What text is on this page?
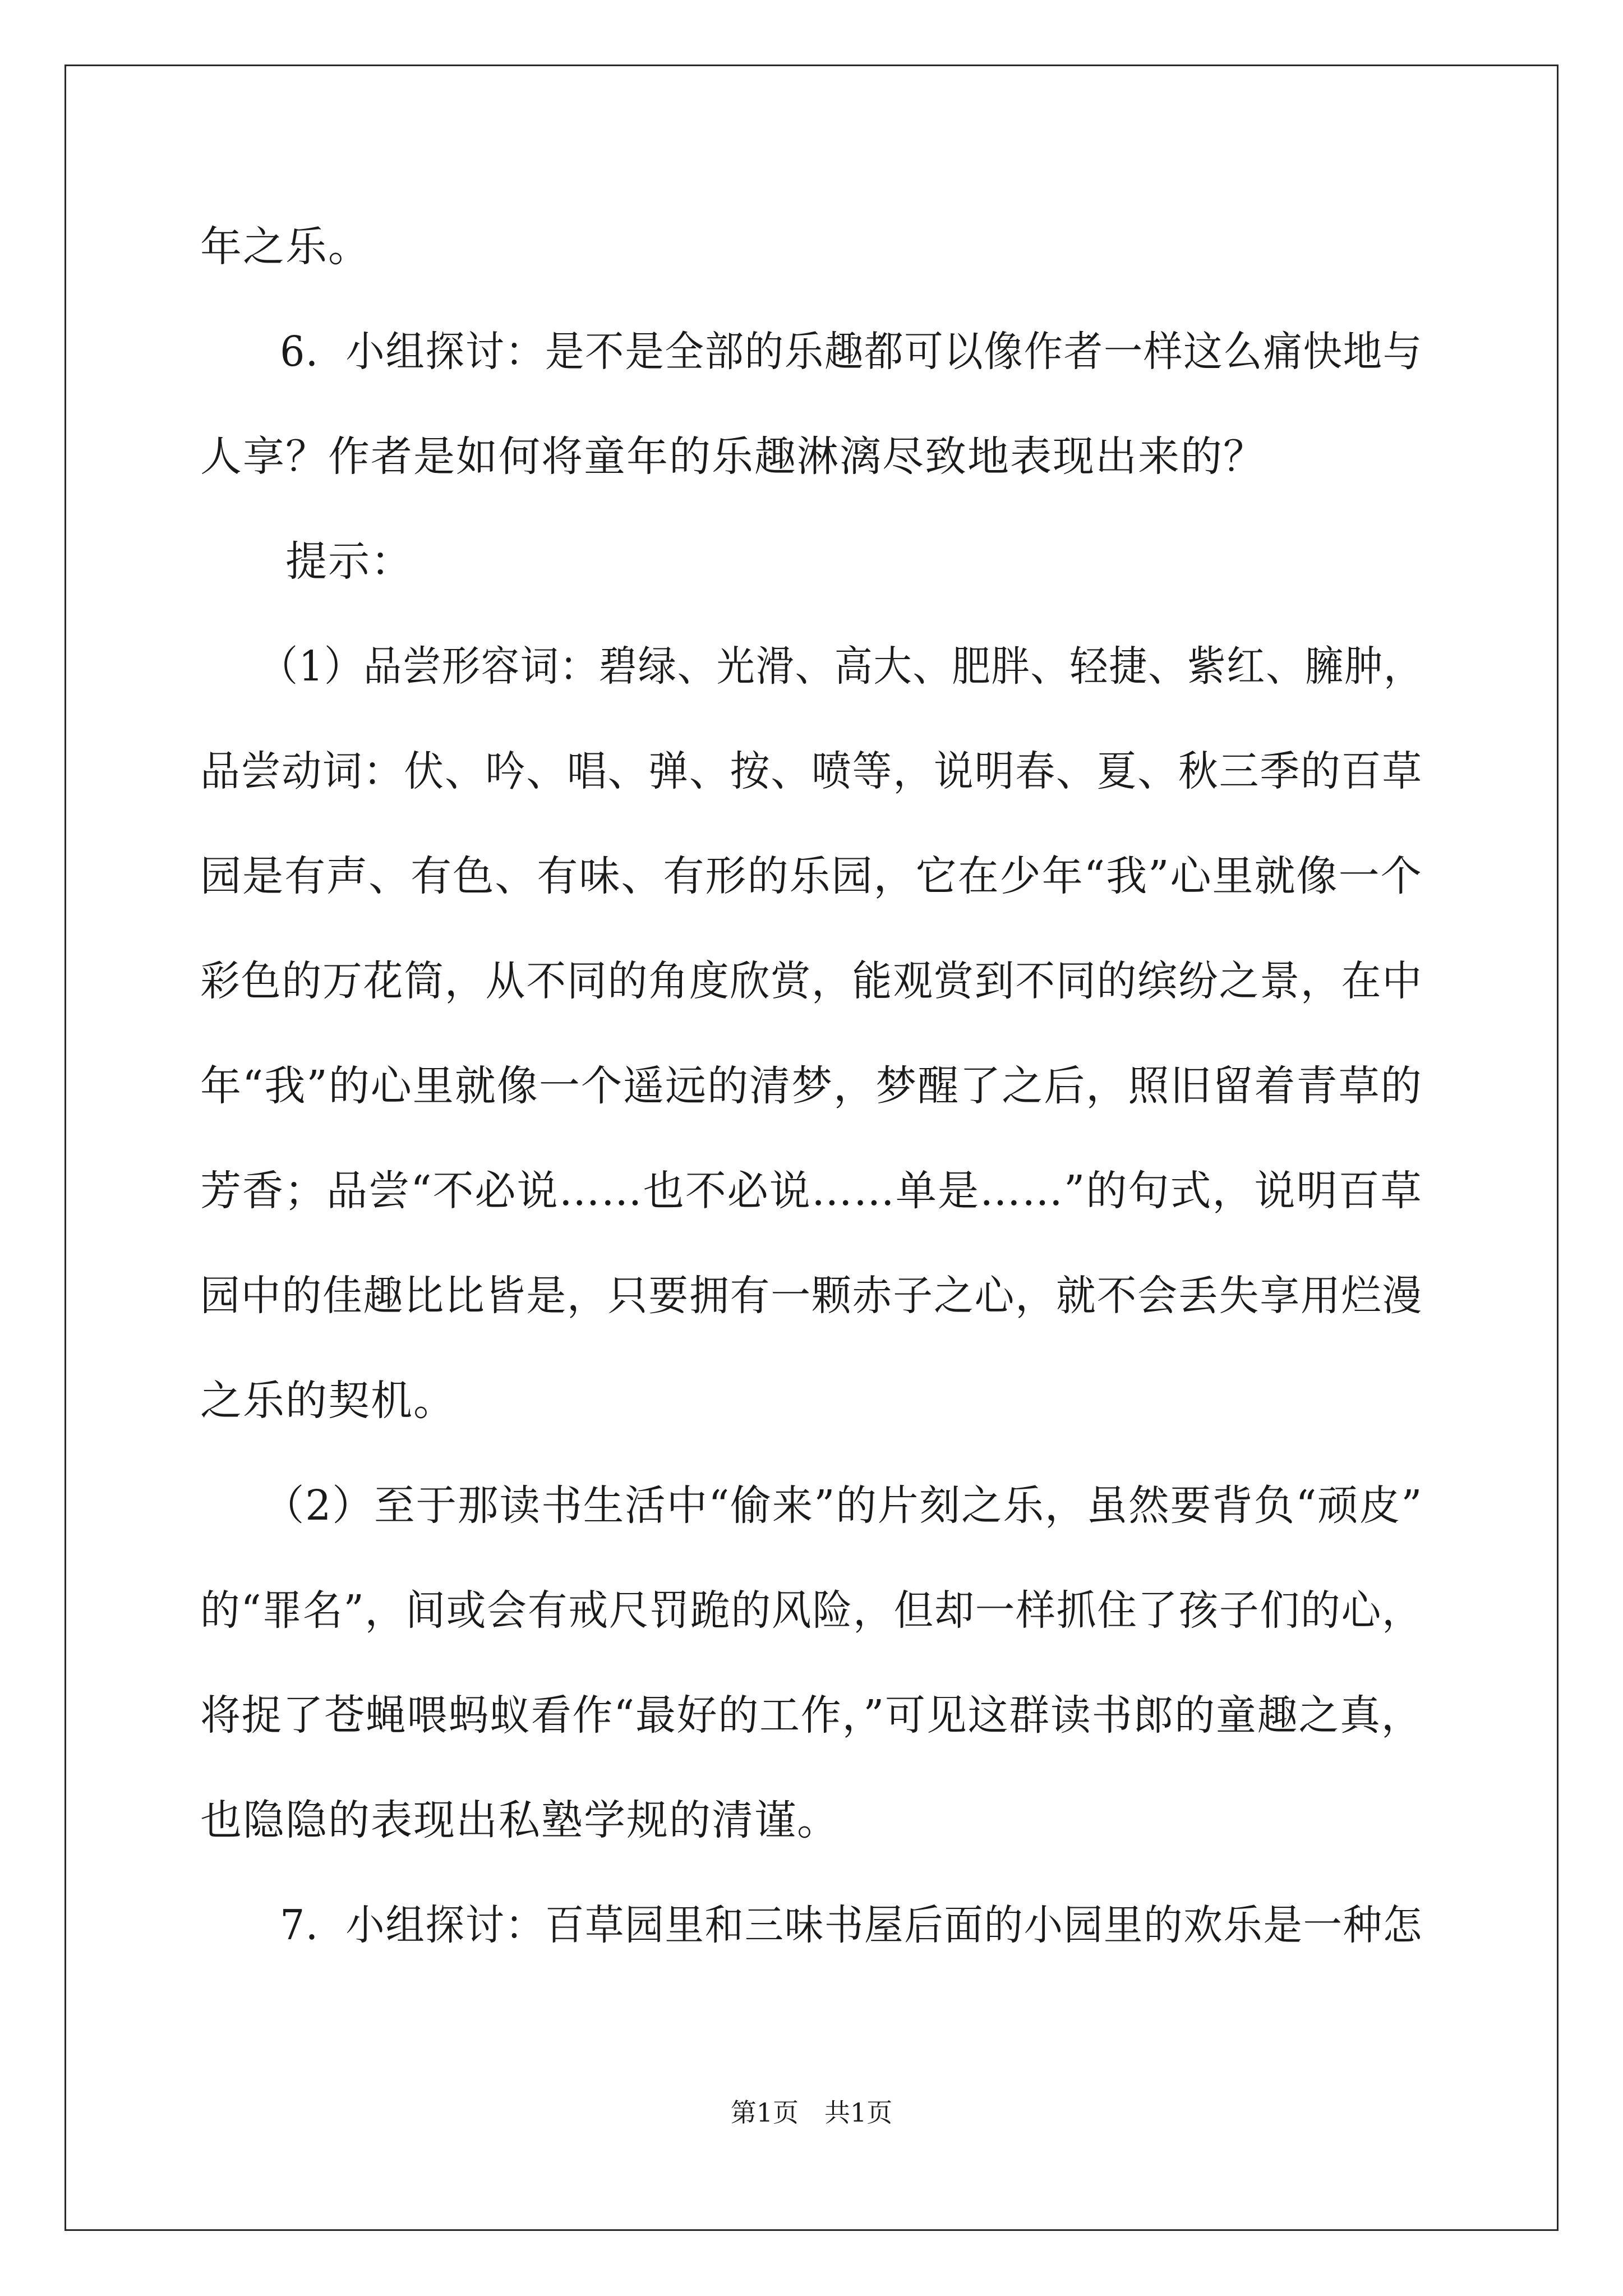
年之乐。
　　6．小组探讨：是不是全部的乐趣都可以像作者一样这么痛快地与
人享？作者是如何将童年的乐趣淋漓尽致地表现出来的？
　　提示：
　　（1）品尝形容词：碧绿、光滑、高大、肥胖、轻捷、紫红、臃肿，
品尝动词：伏、吟、唱、弹、按、喷等，说明春、夏、秋三季的百草
园是有声、有色、有味、有形的乐园，它在少年“我”心里就像一个
彩色的万花筒，从不同的角度欣赏，能观赏到不同的缤纷之景，在中
年“我”的心里就像一个遥远的清梦，梦醒了之后，照旧留着青草的
芳香；品尝“不必说……也不必说……单是……”的句式，说明百草
园中的佳趣比比皆是，只要拥有一颗赤子之心，就不会丢失享用烂漫
之乐的契机。
　　（2）至于那读书生活中“偷来”的片刻之乐，虽然要背负“顽皮”
的“罪名”，间或会有戒尺罚跪的风险，但却一样抓住了孩子们的心，
将捉了苍蝇喂蚂蚁看作“最好的工作，”可见这群读书郎的童趣之真，
也隐隐的表现出私塾学规的清谨。
　　7．小组探讨：百草园里和三味书屋后面的小园里的欢乐是一种怎
第1页　共1页
